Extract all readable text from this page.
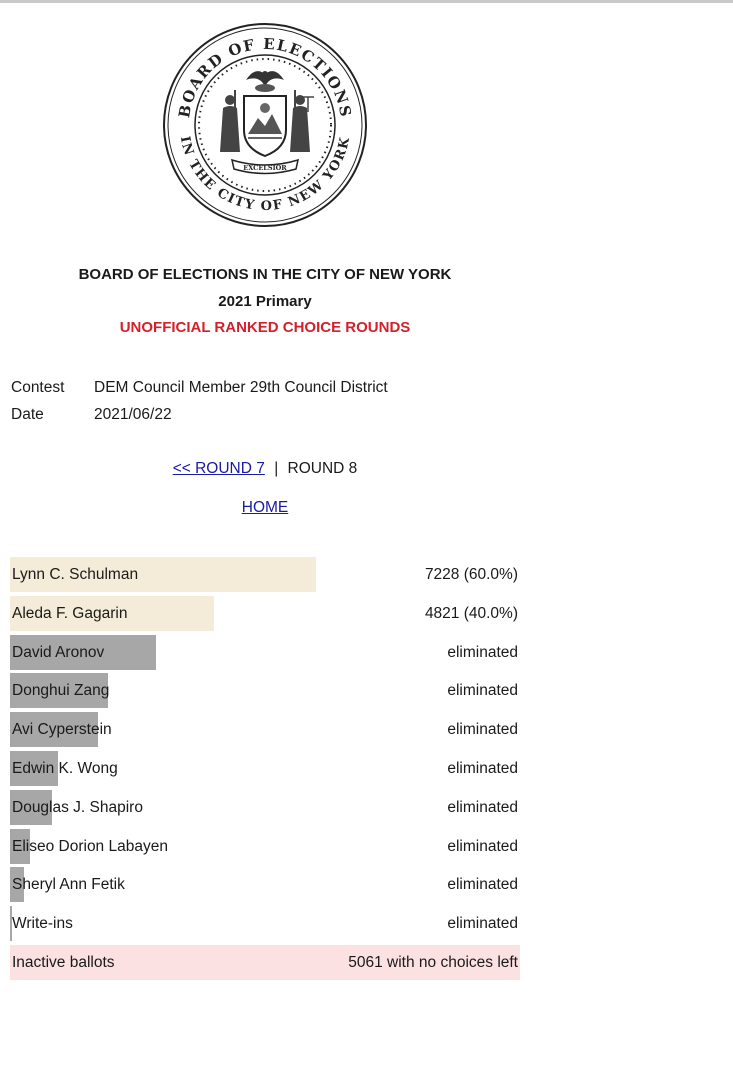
BOARD OF ELECTIONS
IN THE CITY OF NEW YORK
EXCELSIOR
BOARD OF ELECTIONS IN THE CITY OF NEW YORK
2021 Primary
UNOFFICIAL RANKED CHOICE ROUNDS
Contest	DEM Council Member 29th Council District
Date	2021/06/22
<< ROUND 7 | ROUND 8
HOME
Lynn C. Schulman	7228 (60.0%)
Aleda F. Gagarin	4821 (40.0%)
David Aronov	eliminated
Donghui Zang	eliminated
Avi Cyperstein	eliminated
Edwin K. Wong	eliminated
Douglas J. Shapiro	eliminated
Eliseo Dorion Labayen	eliminated
Sheryl Ann Fetik	eliminated
Write-ins	eliminated
Inactive ballots	5061 with no choices left
